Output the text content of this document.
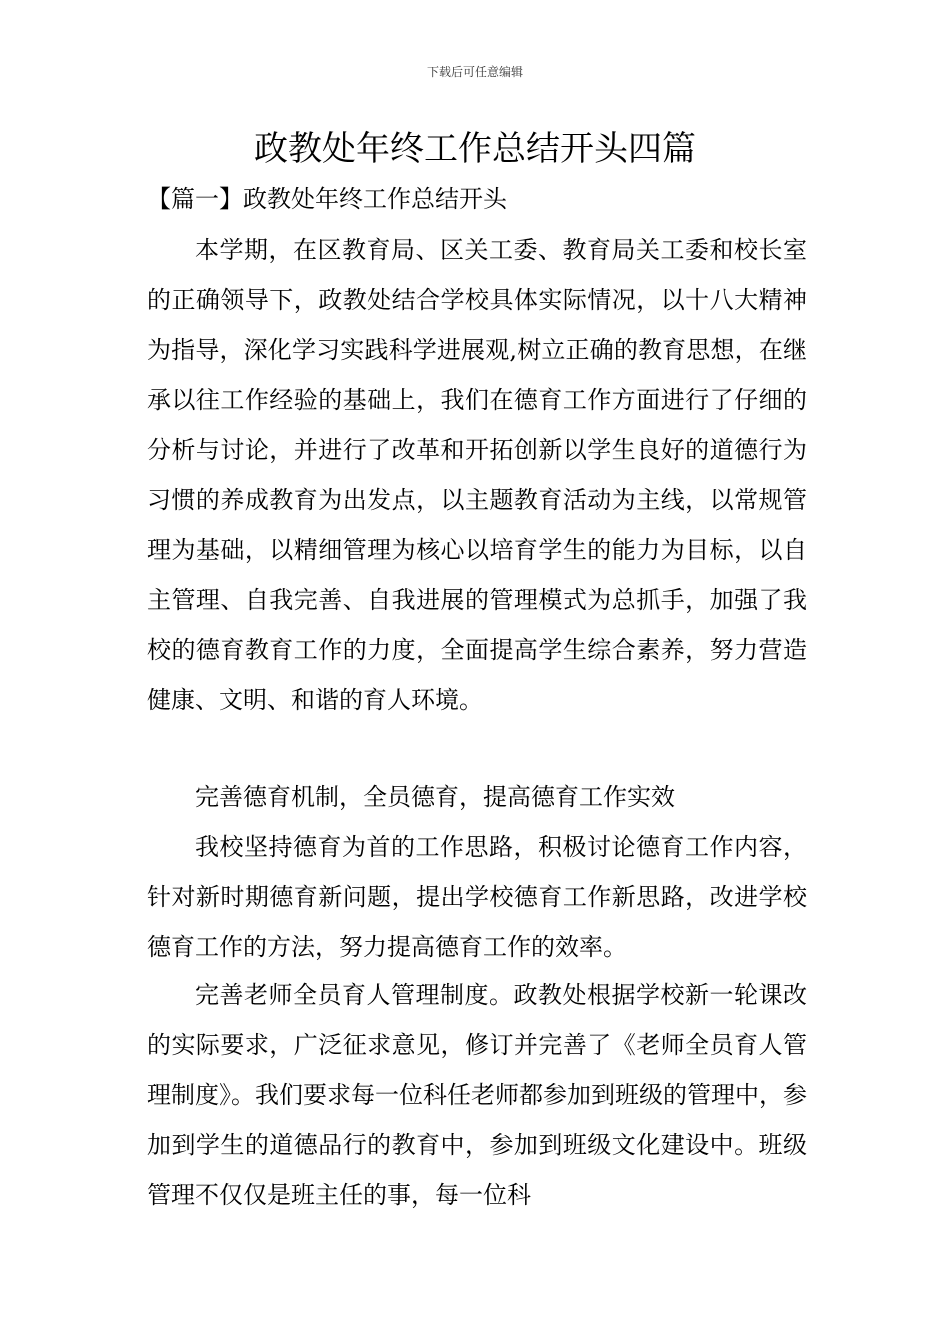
下载后可任意编辑
政教处年终工作总结开头四篇
【篇一】政教处年终工作总结开头

本学期，在区教育局、区关工委、教育局关工委和校长室的正确领导下，政教处结合学校具体实际情况，以十八大精神为指导，深化学习实践科学进展观,树立正确的教育思想，在继承以往工作经验的基础上，我们在德育工作方面进行了仔细的分析与讨论，并进行了改革和开拓创新以学生良好的道德行为习惯的养成教育为出发点，以主题教育活动为主线，以常规管理为基础，以精细管理为核心以培育学生的能力为目标，以自主管理、自我完善、自我进展的管理模式为总抓手，加强了我校的德育教育工作的力度，全面提高学生综合素养，努力营造健康、文明、和谐的育人环境。

完善德育机制，全员德育，提高德育工作实效

我校坚持德育为首的工作思路，积极讨论德育工作内容，针对新时期德育新问题，提出学校德育工作新思路，改进学校德育工作的方法，努力提高德育工作的效率。

完善老师全员育人管理制度。政教处根据学校新一轮课改的实际要求，广泛征求意见，修订并完善了《老师全员育人管理制度》。我们要求每一位科任老师都参加到班级的管理中，参加到学生的道德品行的教育中，参加到班级文化建设中。班级管理不仅仅是班主任的事，每一位科
